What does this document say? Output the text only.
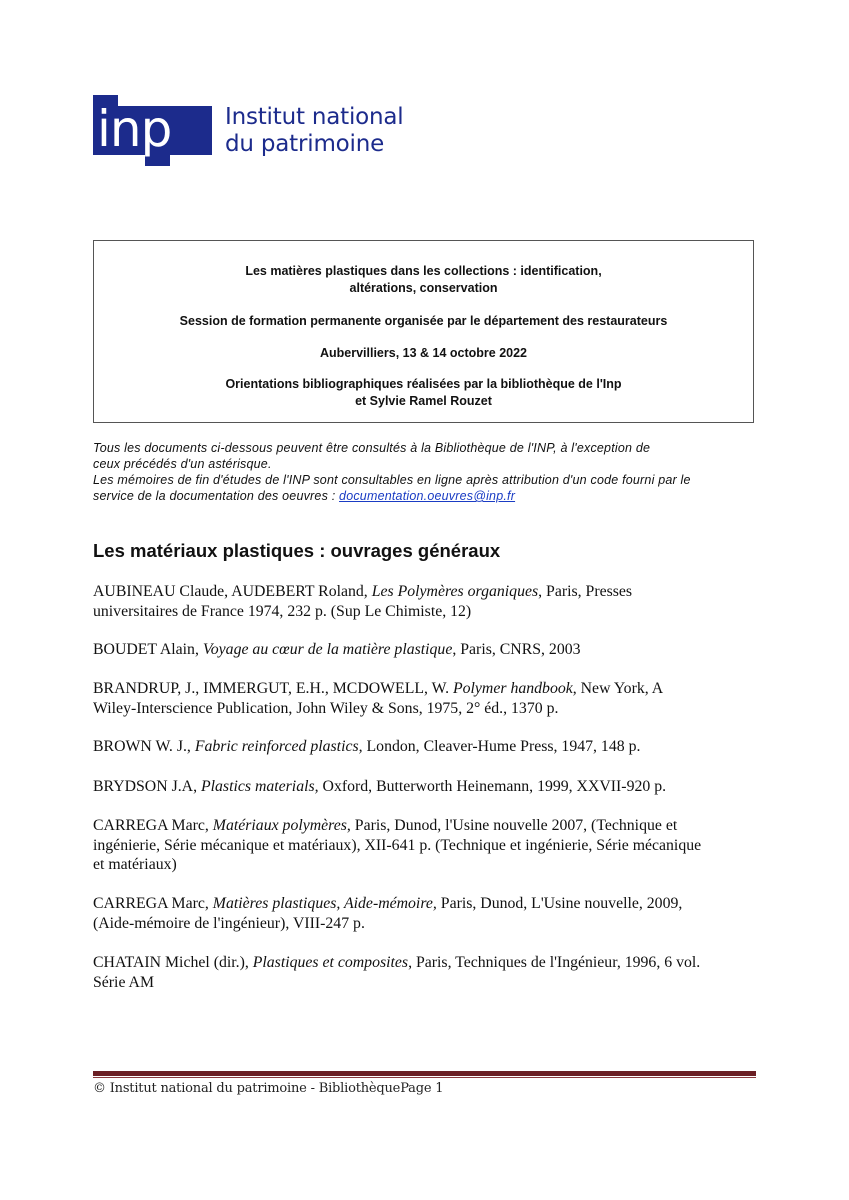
inp	Institut national
du patrimoine
Les matières plastiques dans les collections : identification,
altérations, conservation
Session de formation permanente organisée par le département des restaurateurs
Aubervilliers, 13 & 14 octobre 2022
Orientations bibliographiques réalisées par la bibliothèque de l'Inp
et Sylvie Ramel Rouzet
Tous les documents ci-dessous peuvent être consultés à la Bibliothèque de l'INP, à l'exception de
ceux précédés d'un astérisque.
Les mémoires de fin d'études de l'INP sont consultables en ligne après attribution d'un code fourni par le
service de la documentation des oeuvres : documentation.oeuvres@inp.fr
Les matériaux plastiques : ouvrages généraux
AUBINEAU Claude, AUDEBERT Roland, Les Polymères organiques, Paris, Presses
universitaires de France 1974, 232 p. (Sup Le Chimiste, 12)
BOUDET Alain, Voyage au cœur de la matière plastique, Paris, CNRS, 2003
BRANDRUP, J., IMMERGUT, E.H., MCDOWELL, W. Polymer handbook, New York, A
Wiley-Interscience Publication, John Wiley & Sons, 1975, 2° éd., 1370 p.
BROWN W. J., Fabric reinforced plastics, London, Cleaver-Hume Press, 1947, 148 p.
BRYDSON J.A, Plastics materials, Oxford, Butterworth Heinemann, 1999, XXVII-920 p.
CARREGA Marc, Matériaux polymères, Paris, Dunod, l'Usine nouvelle 2007, (Technique et
ingénierie, Série mécanique et matériaux), XII-641 p. (Technique et ingénierie, Série mécanique
et matériaux)
CARREGA Marc, Matières plastiques, Aide-mémoire, Paris, Dunod, L'Usine nouvelle, 2009,
(Aide-mémoire de l'ingénieur), VIII-247 p.
CHATAIN Michel (dir.), Plastiques et composites, Paris, Techniques de l'Ingénieur, 1996, 6 vol.
Série AM
© Institut national du patrimoine - BibliothèquePage 1
